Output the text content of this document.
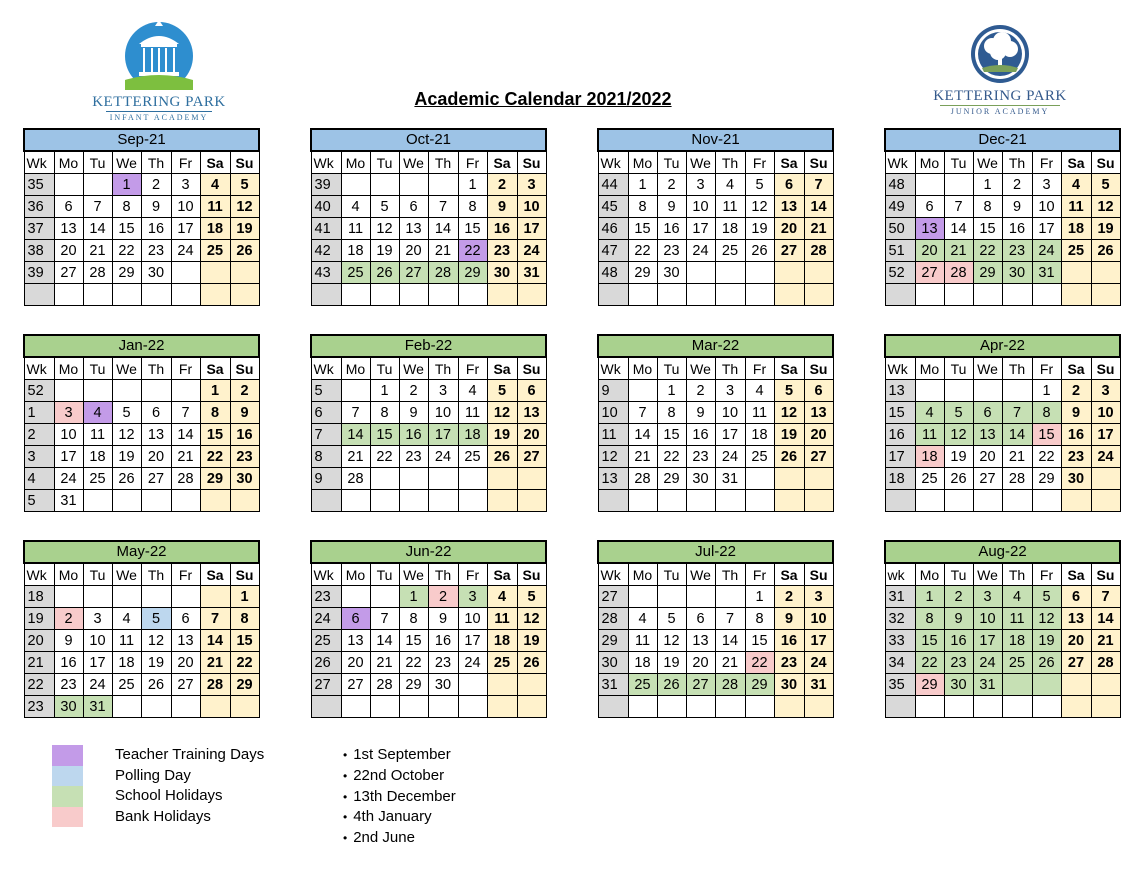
KETTERING PARK
INFANT ACADEMY
KETTERING PARK
JUNIOR ACADEMY
Academic Calendar 2021/2022
Sep-21							
Wk	Mo	Tu	We	Th	Fr	Sa	Su
35			1	2	3	4	5
36	6	7	8	9	10	11	12
37	13	14	15	16	17	18	19
38	20	21	22	23	24	25	26
39	27	28	29	30			

Oct-21							
Wk	Mo	Tu	We	Th	Fr	Sa	Su
39					1	2	3
40	4	5	6	7	8	9	10
41	11	12	13	14	15	16	17
42	18	19	20	21	22	23	24
43	25	26	27	28	29	30	31

Nov-21							
Wk	Mo	Tu	We	Th	Fr	Sa	Su
44	1	2	3	4	5	6	7
45	8	9	10	11	12	13	14
46	15	16	17	18	19	20	21
47	22	23	24	25	26	27	28
48	29	30					

Dec-21							
Wk	Mo	Tu	We	Th	Fr	Sa	Su
48			1	2	3	4	5
49	6	7	8	9	10	11	12
50	13	14	15	16	17	18	19
51	20	21	22	23	24	25	26
52	27	28	29	30	31		

Jan-22							
Wk	Mo	Tu	We	Th	Fr	Sa	Su
52						1	2
1	3	4	5	6	7	8	9
2	10	11	12	13	14	15	16
3	17	18	19	20	21	22	23
4	24	25	26	27	28	29	30
5	31						
Feb-22							
Wk	Mo	Tu	We	Th	Fr	Sa	Su
5		1	2	3	4	5	6
6	7	8	9	10	11	12	13
7	14	15	16	17	18	19	20
8	21	22	23	24	25	26	27
9	28						

Mar-22							
Wk	Mo	Tu	We	Th	Fr	Sa	Su
9		1	2	3	4	5	6
10	7	8	9	10	11	12	13
11	14	15	16	17	18	19	20
12	21	22	23	24	25	26	27
13	28	29	30	31			

Apr-22							
Wk	Mo	Tu	We	Th	Fr	Sa	Su
13					1	2	3
15	4	5	6	7	8	9	10
16	11	12	13	14	15	16	17
17	18	19	20	21	22	23	24
18	25	26	27	28	29	30	

May-22							
Wk	Mo	Tu	We	Th	Fr	Sa	Su
18							1
19	2	3	4	5	6	7	8
20	9	10	11	12	13	14	15
21	16	17	18	19	20	21	22
22	23	24	25	26	27	28	29
23	30	31					
Jun-22							
Wk	Mo	Tu	We	Th	Fr	Sa	Su
23			1	2	3	4	5
24	6	7	8	9	10	11	12
25	13	14	15	16	17	18	19
26	20	21	22	23	24	25	26
27	27	28	29	30			

Jul-22							
Wk	Mo	Tu	We	Th	Fr	Sa	Su
27					1	2	3
28	4	5	6	7	8	9	10
29	11	12	13	14	15	16	17
30	18	19	20	21	22	23	24
31	25	26	27	28	29	30	31

Aug-22							
wk	Mo	Tu	We	Th	Fr	Sa	Su
31	1	2	3	4	5	6	7
32	8	9	10	11	12	13	14
33	15	16	17	18	19	20	21
34	22	23	24	25	26	27	28
35	29	30	31				

Teacher Training Days
Polling Day
School Holidays
Bank Holidays
• 1st September
• 22nd October
• 13th December
• 4th January
• 2nd June
